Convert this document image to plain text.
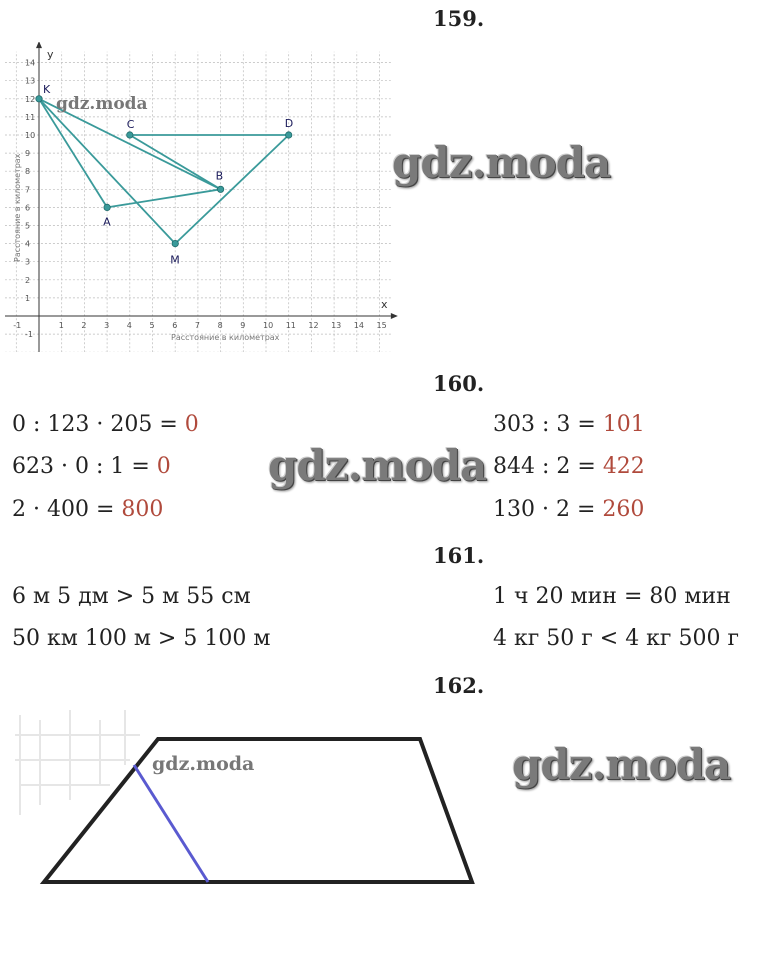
159.
-1	1 2 3 4 5 6 7 8 9 10 11 12 13 14 15
14
13
12
11
10
9
8
7
6
5
4
3
2
1
-1
K
C	D
B
A
M
x
y
Расстояние в километрах
Расстояние в километрах
gdz.moda
gdz.moda
160.
0 : 123 · 205 = 0
623 · 0 : 1 = 0
2 · 400 = 800
303 : 3 = 101
844 : 2 = 422
130 · 2 = 260
gdz.moda
161.
6 м 5 дм > 5 м 55 см
50 км 100 м > 5 100 м
1 ч 20 мин = 80 мин
4 кг 50 г < 4 кг 500 г
162.
gdz.moda	gdz.moda
